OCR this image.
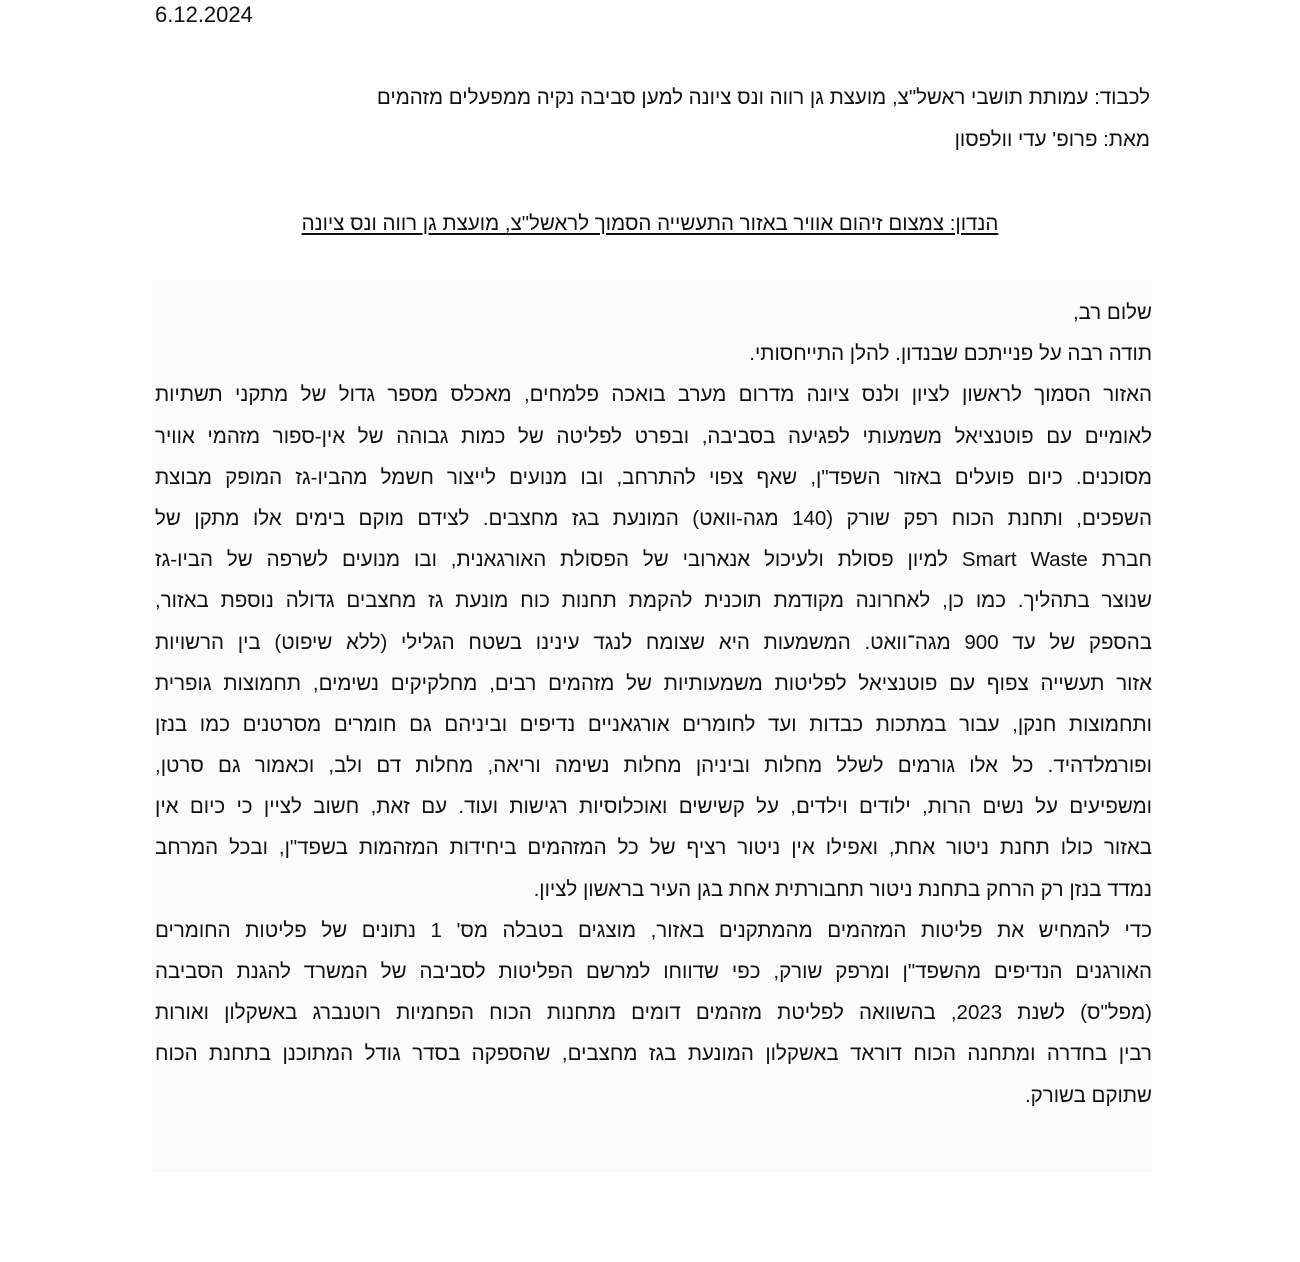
6.12.2024
לכבוד: עמותת תושבי ראשל"צ, מועצת גן רווה ונס ציונה למען סביבה נקיה ממפעלים מזהמים
מאת: פרופ' עדי וולפסון
הנדון: צמצום זיהום אוויר באזור התעשייה הסמוך לראשל"צ, מועצת גן רווה ונס ציונה
שלום רב,
תודה רבה על פנייתכם שבנדון. להלן התייחסותי.
האזור הסמוך לראשון לציון ולנס ציונה מדרום מערב בואכה פלמחים, מאכלס מספר גדול של מתקני תשתיות
לאומיים עם פוטנציאל משמעותי לפגיעה בסביבה, ובפרט לפליטה של כמות גבוהה של אין-ספור מזהמי אוויר
מסוכנים. כיום פועלים באזור השפד"ן, שאף צפוי להתרחב, ובו מנועים לייצור חשמל מהביו-גז המופק מבוצת
השפכים, ותחנת הכוח רפק שורק (140 מגה-וואט) המונעת בגז מחצבים. לצידם מוקם בימים אלו מתקן של
חברת Smart Waste למיון פסולת ולעיכול אנארובי של הפסולת האורגאנית, ובו מנועים לשרפה של הביו-גז
שנוצר בתהליך. כמו כן, לאחרונה מקודמת תוכנית להקמת תחנות כוח מונעת גז מחצבים גדולה נוספת באזור,
בהספק של עד 900 מגה־וואט. המשמעות היא שצומח לנגד עינינו בשטח הגלילי (ללא שיפוט) בין הרשויות
אזור תעשייה צפוף עם פוטנציאל לפליטות משמעותיות של מזהמים רבים, מחלקיקים נשימים, תחמוצות גופרית
ותחמוצות חנקן, עבור במתכות כבדות ועד לחומרים אורגאניים נדיפים וביניהם גם חומרים מסרטנים כמו בנזן
ופורמלדהיד. כל אלו גורמים לשלל מחלות וביניהן מחלות נשימה וריאה, מחלות דם ולב, וכאמור גם סרטן,
ומשפיעים על נשים הרות, ילודים וילדים, על קשישים ואוכלוסיות רגישות ועוד. עם זאת, חשוב לציין כי כיום אין
באזור כולו תחנת ניטור אחת, ואפילו אין ניטור רציף של כל המזהמים ביחידות המזהמות בשפד"ן, ובכל המרחב
נמדד בנזן רק הרחק בתחנת ניטור תחבורתית אחת בגן העיר בראשון לציון.
כדי להמחיש את פליטות המזהמים מהמתקנים באזור, מוצגים בטבלה מס' 1 נתונים של פליטות החומרים
האורגנים הנדיפים מהשפד"ן ומרפק שורק, כפי שדווחו למרשם הפליטות לסביבה של המשרד להגנת הסביבה
(מפל"ס) לשנת 2023, בהשוואה לפליטת מזהמים דומים מתחנות הכוח הפחמיות רוטנברג באשקלון ואורות
רבין בחדרה ומתחנה הכוח דוראד באשקלון המונעת בגז מחצבים, שהספקה בסדר גודל המתוכנן בתחנת הכוח
שתוקם בשורק.
